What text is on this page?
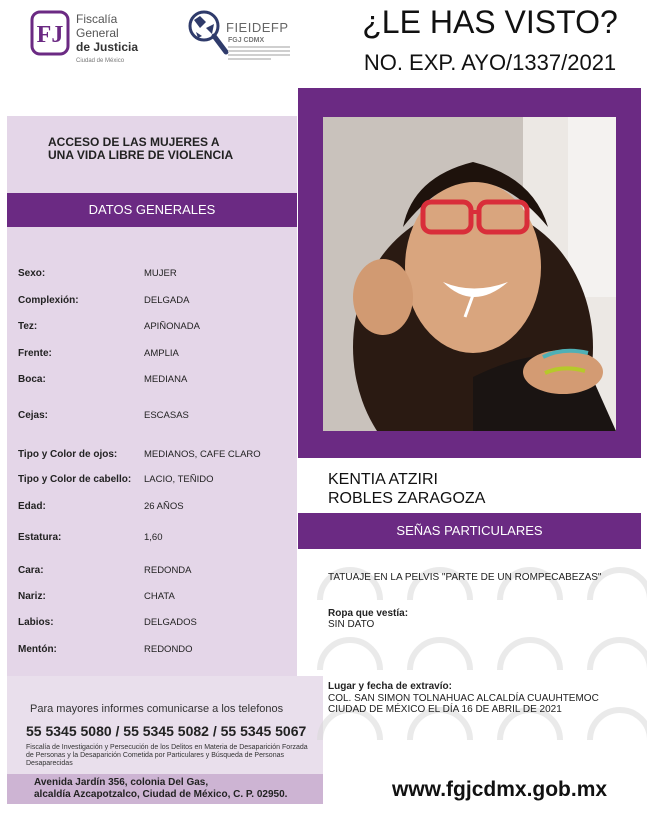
FJ
Fiscalía
General
de Justicia
Ciudad de México
FIEIDEFP
FGJ CDMX
¿LE HAS VISTO?
NO. EXP. AYO/1337/2021
ACCESO DE LAS MUJERES A UNA VIDA LIBRE DE VIOLENCIA
DATOS GENERALES
Sexo:	MUJER
Complexión:	DELGADA
Tez:	APIÑONADA
Frente:	AMPLIA
Boca:	MEDIANA
Cejas:	ESCASAS
Tipo y Color de ojos:	MEDIANOS, CAFE CLARO
Tipo y Color de cabello: LACIO, TEÑIDO
Edad:	26 AÑOS
Estatura:	1,60
Cara:	REDONDA
Nariz:	CHATA
Labios:	DELGADOS
Mentón:	REDONDO
KENTIA ATZIRI
ROBLES ZARAGOZA
SEÑAS PARTICULARES
TATUAJE EN LA PELVIS "PARTE DE UN ROMPECABEZAS"
Ropa que vestía:
SIN DATO
Lugar y fecha de extravío:
COL. SAN SIMON TOLNAHUAC ALCALDÍA CUAUHTEMOC
CIUDAD DE MÉXICO EL DÍA 16 DE ABRIL DE 2021
Para mayores informes comunicarse a los telefonos
55 5345 5080 / 55 5345 5082 / 55 5345 5067
Fiscalía de Investigación y Persecución de los Delitos en Materia de Desaparición Forzada de Personas y la Desaparición Cometida por Particulares y Búsqueda de Personas Desaparecidas
Avenida Jardín 356, colonia Del Gas,
alcaldía Azcapotzalco, Ciudad de México, C. P. 02950.	www.fgjcdmx.gob.mx
